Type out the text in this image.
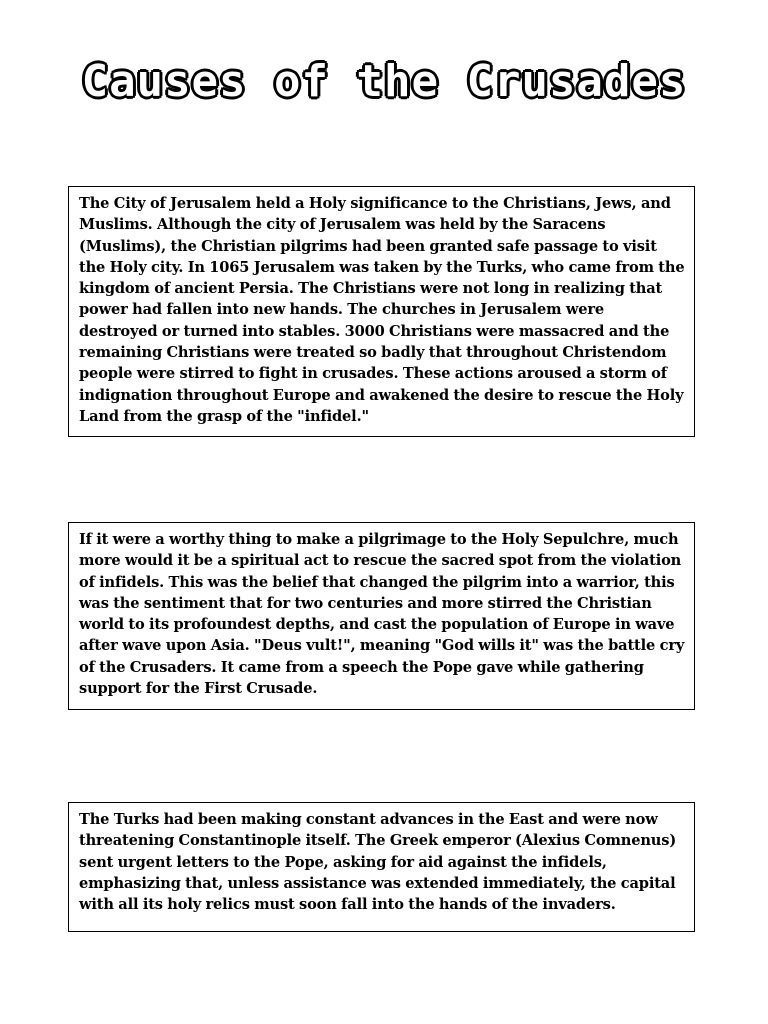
Causes of the Crusades

The City of Jerusalem held a Holy significance to the Christians, Jews, and Muslims. Although the city of Jerusalem was held by the Saracens (Muslims), the Christian pilgrims had been granted safe passage to visit the Holy city. In 1065 Jerusalem was taken by the Turks, who came from the kingdom of ancient Persia. The Christians were not long in realizing that power had fallen into new hands. The churches in Jerusalem were destroyed or turned into stables. 3000 Christians were massacred and the remaining Christians were treated so badly that throughout Christendom people were stirred to fight in crusades. These actions aroused a storm of indignation throughout Europe and awakened the desire to rescue the Holy Land from the grasp of the "infidel."

If it were a worthy thing to make a pilgrimage to the Holy Sepulchre, much more would it be a spiritual act to rescue the sacred spot from the violation of infidels. This was the belief that changed the pilgrim into a warrior, this was the sentiment that for two centuries and more stirred the Christian world to its profoundest depths, and cast the population of Europe in wave after wave upon Asia. "Deus vult!", meaning "God wills it" was the battle cry of the Crusaders. It came from a speech the Pope gave while gathering support for the First Crusade.

The Turks had been making constant advances in the East and were now threatening Constantinople itself. The Greek emperor (Alexius Comnenus) sent urgent letters to the Pope, asking for aid against the infidels, emphasizing that, unless assistance was extended immediately, the capital with all its holy relics must soon fall into the hands of the invaders.
